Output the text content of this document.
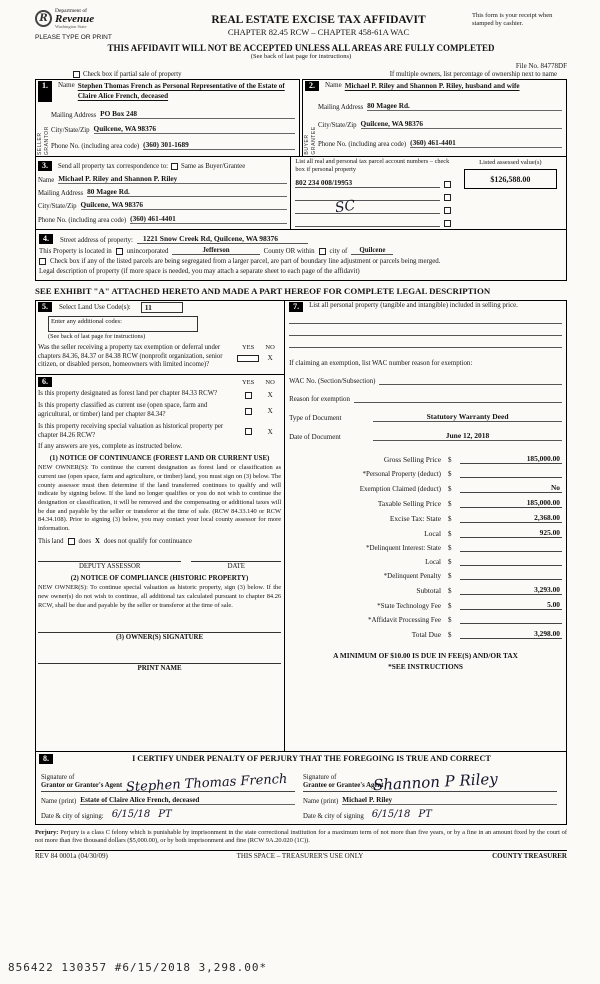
R
Department of
Revenue
Washington State
PLEASE TYPE OR PRINT
REAL ESTATE EXCISE TAX AFFIDAVIT
CHAPTER 82.45 RCW – CHAPTER 458-61A WAC
This form is your receipt when stamped by cashier.
THIS AFFIDAVIT WILL NOT BE ACCEPTED UNLESS ALL AREAS ARE FULLY COMPLETED
(See back of last page for instructions)
File No. 84778DF
Check box if partial sale of property	If multiple owners, list percentage of ownership next to name
1.	Name Stephen Thomas French as Personal Representative of the Estate of Claire Alice French, deceased
SELLER GRANTOR
Mailing Address PO Box 248
City/State/Zip Quilcene, WA 98376
Phone No. (including area code) (360) 301-1689
2.	Name Michael P. Riley and Shannon P. Riley, husband and wife
BUYER GRANTEE
Mailing Address 80 Magee Rd.
City/State/Zip Quilcene, WA 98376
Phone No. (including area code) (360) 461-4401
3.	Send all property tax correspondence to: Same as Buyer/Grantee
Name Michael P. Riley and Shannon P. Riley
Mailing Address 80 Magee Rd.
City/State/Zip Quilcene, WA 98376
Phone No. (including area code) (360) 461-4401
List all real and personal tax parcel account numbers – check box if personal property
802 234 008/19953
SC
Listed assessed value(s)
$126,588.00
4.	Street address of property:	1221 Snow Creek Rd, Quilcene, WA 98376
This Property is located in unincorporated	Jefferson	County OR within city of	Quilcene
Check box if any of the listed parcels are being segregated from a larger parcel, are part of boundary line adjustment or parcels being merged.
Legal description of property (if more space is needed, you may attach a separate sheet to each page of the affidavit)
SEE EXHIBIT "A" ATTACHED HERETO AND MADE A PART HEREOF FOR COMPLETE LEGAL DESCRIPTION
5.	Select Land Use Code(s):	11
Enter any additional codes:
(See back of last page for instructions)
Was the seller receiving a property tax exemption or deferral under chapters 84.36, 84.37 or 84.38 RCW (nonprofit organization, senior citizen, or disabled person, homeowners with limited income)?
YES	NO
X
6.	YES	NO
Is this property designated as forest land per chapter 84.33 RCW?	X
Is this property classified as current use (open space, farm and agricultural, or timber) land per chapter 84.34?	X
Is this property receiving special valuation as historical property per chapter 84.26 RCW?	X
If any answers are yes, complete as instructed below.
(1) NOTICE OF CONTINUANCE (FOREST LAND OR CURRENT USE)
NEW OWNER(S): To continue the current designation as forest land or classification as current use (open space, farm and agriculture, or timber) land, you must sign on (3) below. The county assessor must then determine if the land transferred continues to qualify and will indicate by signing below. If the land no longer qualifies or you do not wish to continue the designation or classification, it will be removed and the compensating or additional taxes will be due and payable by the seller or transferor at the time of sale. (RCW 84.33.140 or RCW 84.34.108). Prior to signing (3) below, you may contact your local county assessor for more information.
This land does X does not qualify for continuance
DEPUTY ASSESSOR	DATE
(2) NOTICE OF COMPLIANCE (HISTORIC PROPERTY)
NEW OWNER(S): To continue special valuation as historic property, sign (3) below. If the new owner(s) do not wish to continue, all additional tax calculated pursuant to chapter 84.26 RCW, shall be due and payable by the seller or transferor at the time of sale.
(3) OWNER(S) SIGNATURE
PRINT NAME
7.	List all personal property (tangible and intangible) included in selling price.
If claiming an exemption, list WAC number reason for exemption:
WAC No. (Section/Subsection)
Reason for exemption
Type of Document	Statutory Warranty Deed
Date of Document	June 12, 2018
Gross Selling Price	$	185,000.00
*Personal Property (deduct)	$
Exemption Claimed (deduct)	$	No
Taxable Selling Price	$	185,000.00
Excise Tax: State	$	2,368.00
Local	$	925.00
*Delinquent Interest: State	$
Local	$
*Delinquent Penalty	$
Subtotal	$	3,293.00
*State Technology Fee	$	5.00
*Affidavit Processing Fee	$
Total Due	$	3,298.00
A MINIMUM OF $10.00 IS DUE IN FEE(S) AND/OR TAX
*SEE INSTRUCTIONS
8.	I CERTIFY UNDER PENALTY OF PERJURY THAT THE FOREGOING IS TRUE AND CORRECT
Signature of
Grantor or Grantor's Agent Stephen Thomas French
Name (print) Estate of Claire Alice French, deceased
Date & city of signing: 6/15/18 PT
Signature of
Grantee or Grantee's Agent
Shannon P Riley
Name (print) Michael P. Riley
Date & city of signing 6/15/18 PT
Perjury: Perjury is a class C felony which is punishable by imprisonment in the state correctional institution for a maximum term of not more than five years, or by a fine in an amount fixed by the court of not more than five thousand dollars ($5,000.00), or by both imprisonment and fine (RCW 9A.20.020 (1C)).
REV 84 0001a (04/30/09)	THIS SPACE – TREASURER'S USE ONLY	COUNTY TREASURER
856422 130357 #6/15/2018 3,298.00*
